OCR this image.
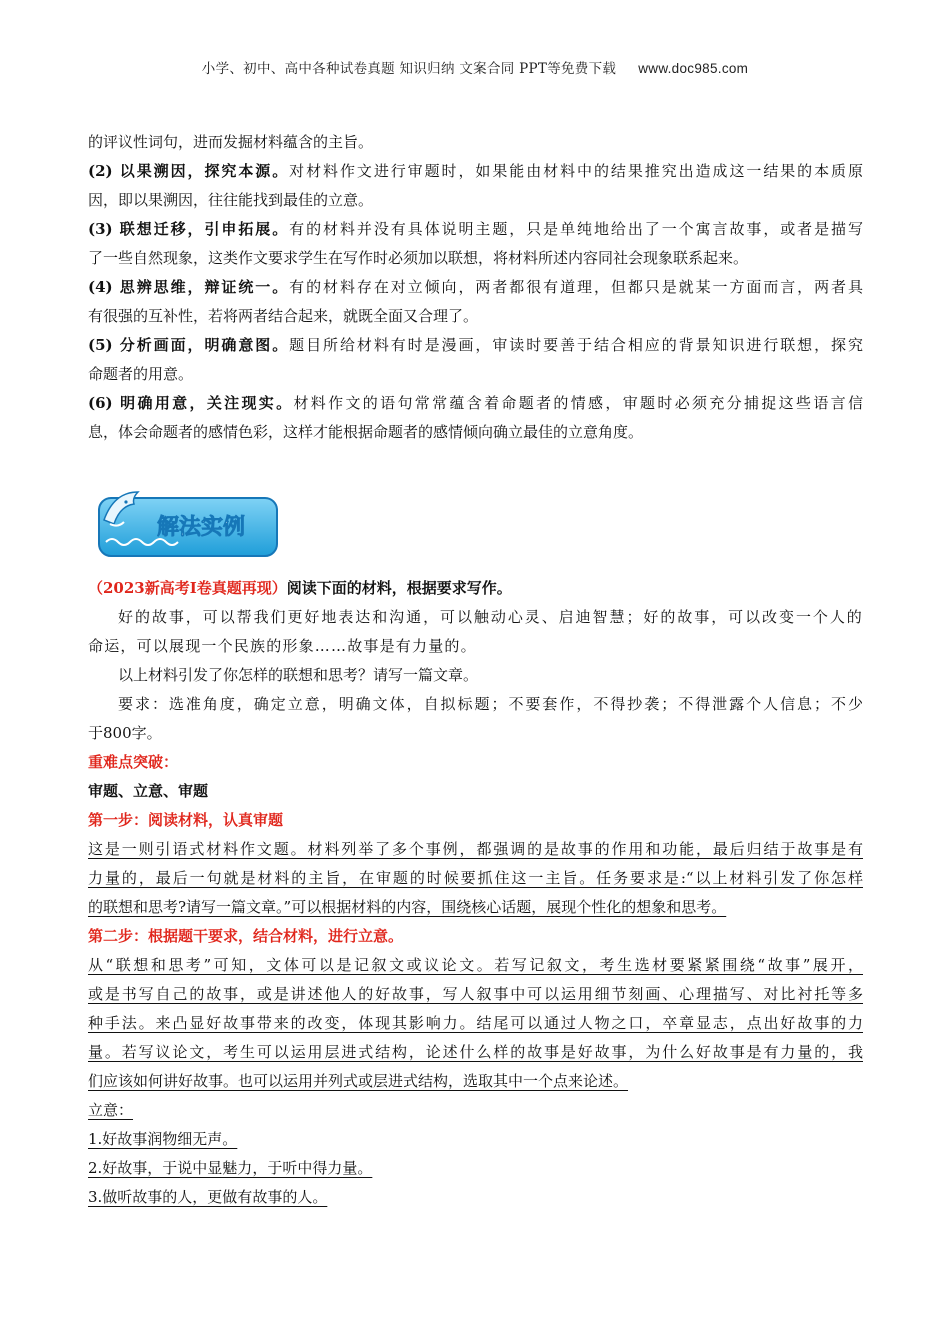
小学、初中、高中各种试卷真题 知识归纳 文案合同 PPT等免费下载 www.doc985.com
的评议性词句，进而发掘材料蕴含的主旨。
(2) 以果溯因，探究本源。对材料作文进行审题时，如果能由材料中的结果推究出造成这一结果的本质原
因，即以果溯因，往往能找到最佳的立意。
(3) 联想迁移，引申拓展。有的材料并没有具体说明主题，只是单纯地给出了一个寓言故事，或者是描写
了一些自然现象，这类作文要求学生在写作时必须加以联想，将材料所述内容同社会现象联系起来。
(4) 思辨思维，辩证统一。有的材料存在对立倾向，两者都很有道理，但都只是就某一方面而言，两者具
有很强的互补性，若将两者结合起来，就既全面又合理了。
(5) 分析画面，明确意图。题目所给材料有时是漫画，审读时要善于结合相应的背景知识进行联想，探究
命题者的用意。
(6) 明确用意，关注现实。材料作文的语句常常蕴含着命题者的情感，审题时必须充分捕捉这些语言信
息，体会命题者的感情色彩，这样才能根据命题者的感情倾向确立最佳的立意角度。
解法实例
（2023新高考Ⅰ卷真题再现）阅读下面的材料，根据要求写作。
好的故事，可以帮我们更好地表达和沟通，可以触动心灵、启迪智慧；好的故事，可以改变一个人的
命运，可以展现一个民族的形象……故事是有力量的。
以上材料引发了你怎样的联想和思考？请写一篇文章。
要求：选准角度，确定立意，明确文体，自拟标题；不要套作，不得抄袭；不得泄露个人信息；不少
于800字。
重难点突破：
审题、立意、审题
第一步：阅读材料，认真审题
这是一则引语式材料作文题。材料列举了多个事例，都强调的是故事的作用和功能，最后归结于故事是有
力量的，最后一句就是材料的主旨，在审题的时候要抓住这一主旨。任务要求是:“以上材料引发了你怎样
的联想和思考?请写一篇文章。”可以根据材料的内容，围绕核心话题，展现个性化的想象和思考。
第二步：根据题干要求，结合材料，进行立意。
从“联想和思考”可知，文体可以是记叙文或议论文。若写记叙文，考生选材要紧紧围绕“故事”展开，
或是书写自己的故事，或是讲述他人的好故事，写人叙事中可以运用细节刻画、心理描写、对比衬托等多
种手法。来凸显好故事带来的改变，体现其影响力。结尾可以通过人物之口，卒章显志，点出好故事的力
量。若写议论文，考生可以运用层进式结构，论述什么样的故事是好故事，为什么好故事是有力量的，我
们应该如何讲好故事。也可以运用并列式或层进式结构，选取其中一个点来论述。
立意：
1.好故事润物细无声。
2.好故事，于说中显魅力，于听中得力量。
3.做听故事的人，更做有故事的人。
